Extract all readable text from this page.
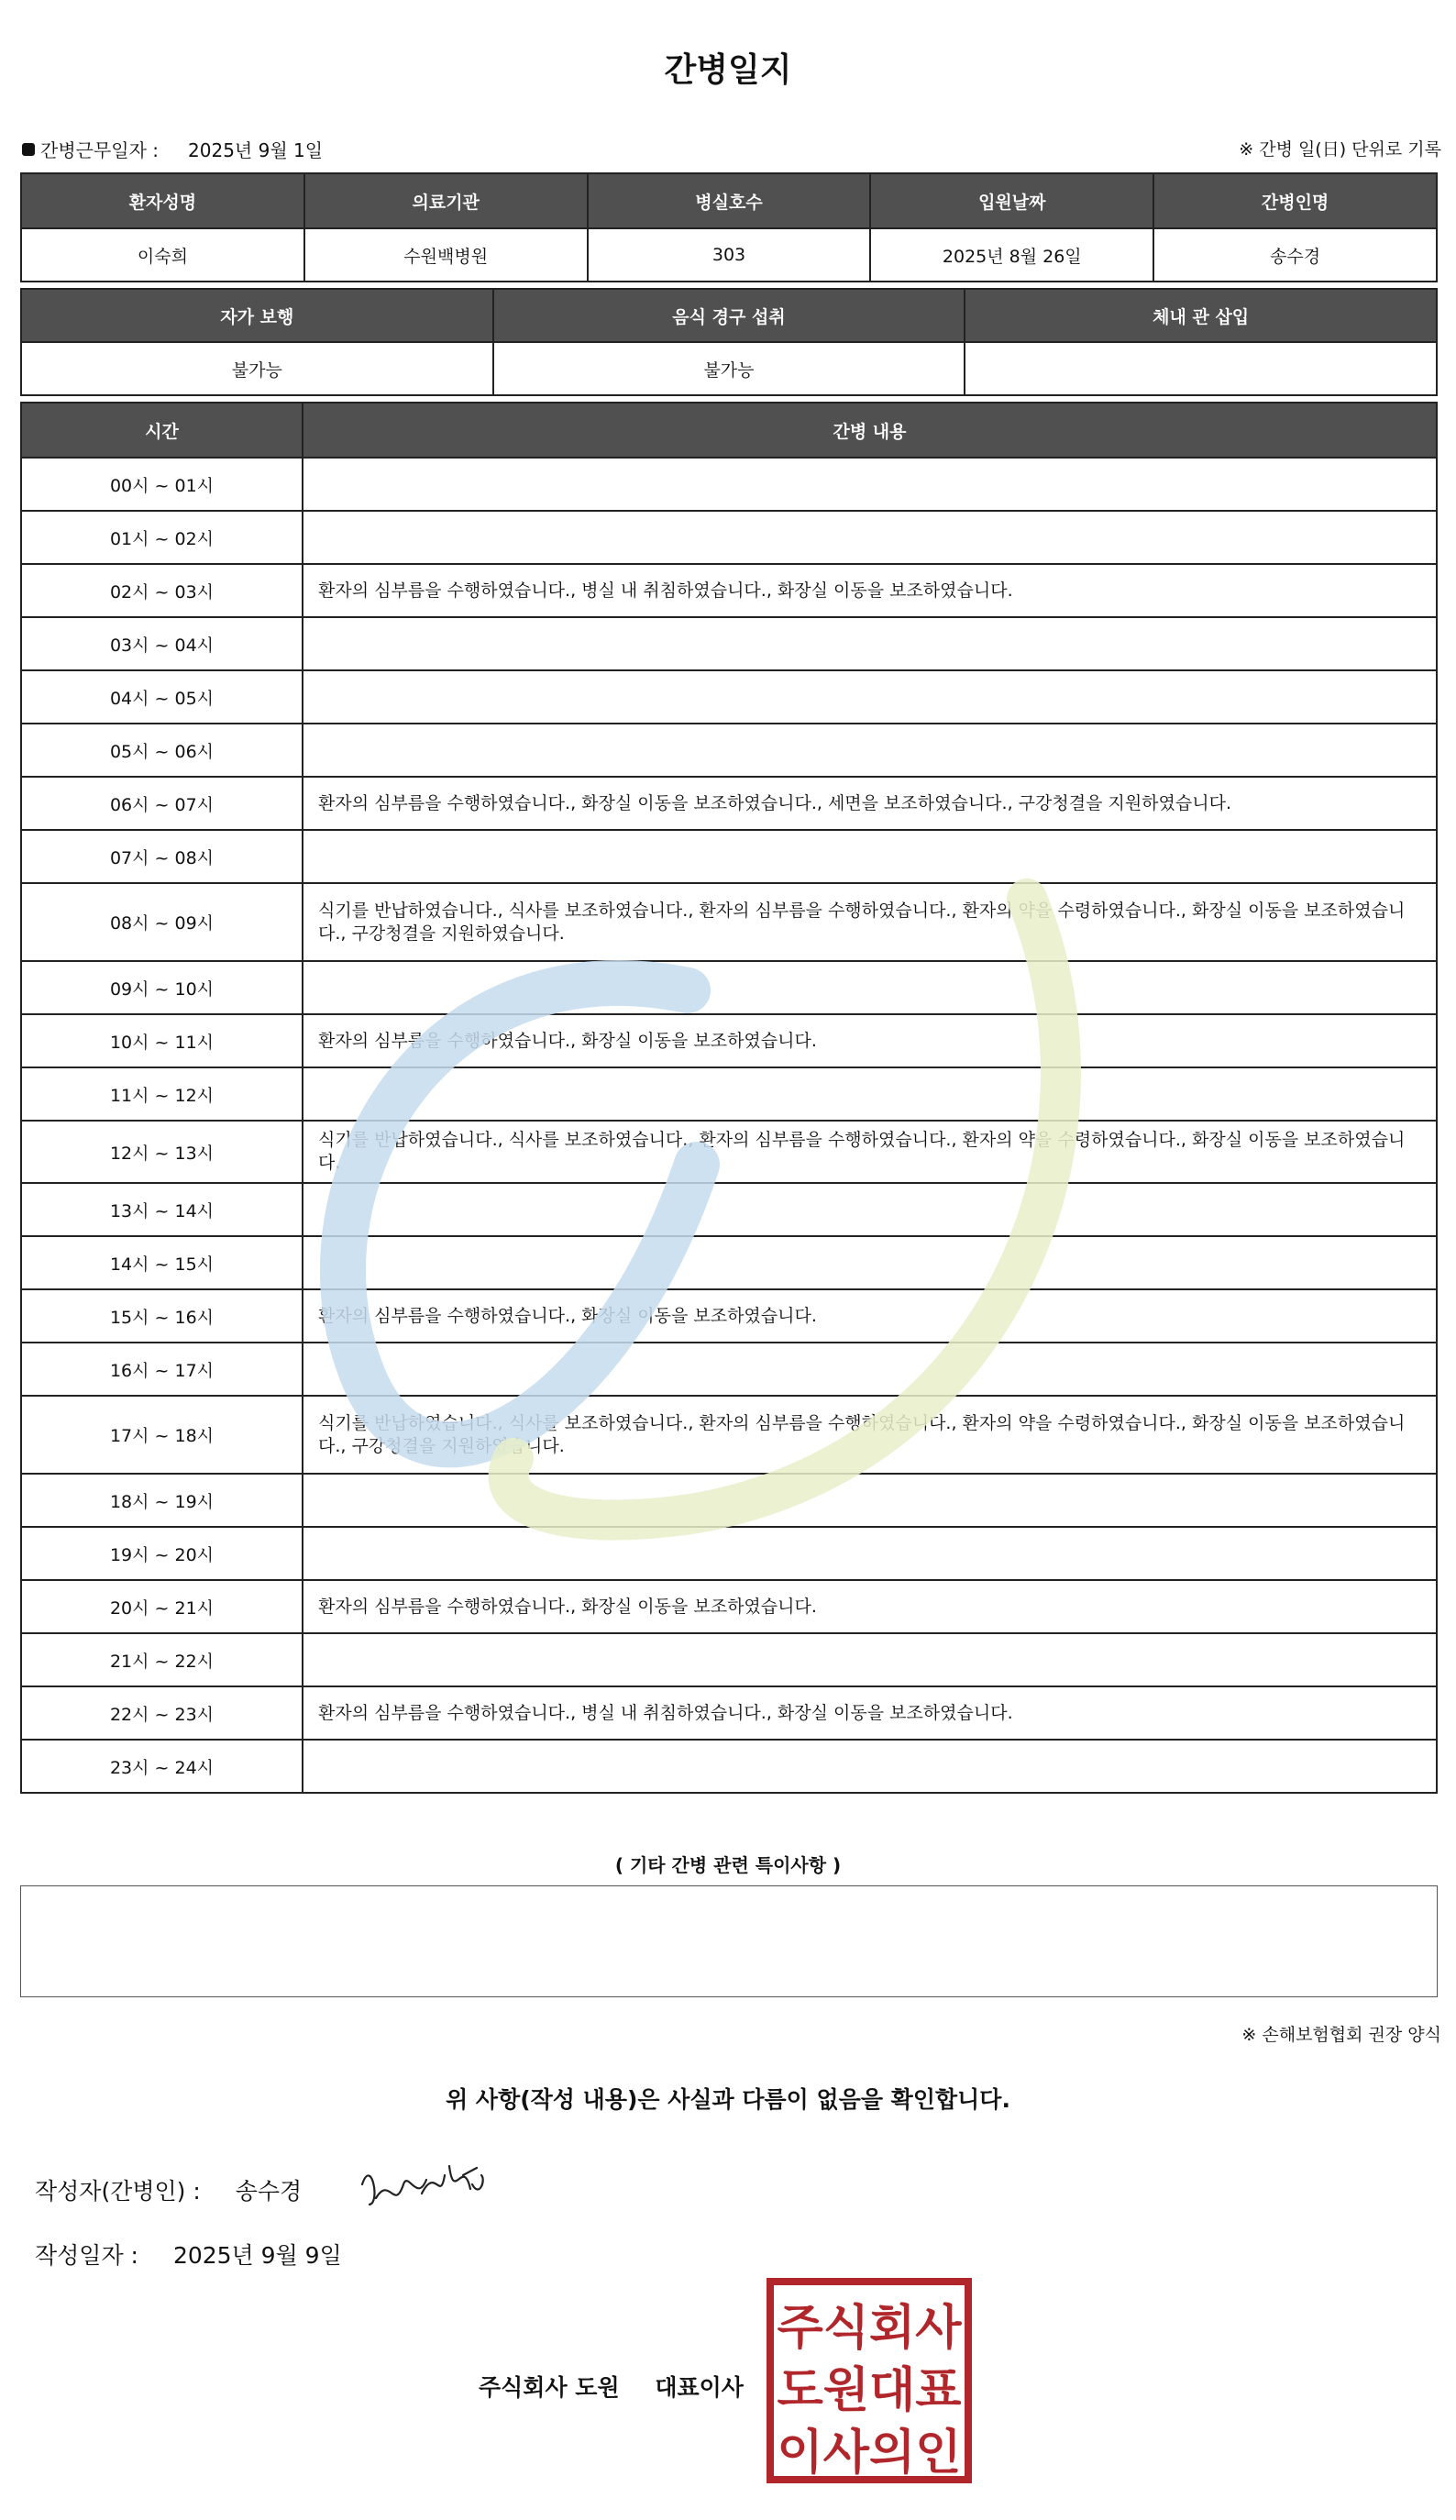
간병일지
간병근무일자 : 2025년 9월 1일	※ 간병 일(日) 단위로 기록
환자성명	의료기관	병실호수	입원날짜	간병인명
이숙희	수원백병원	303	2025년 8월 26일	송수경
자가 보행	음식 경구 섭취	체내 관 삽입
불가능	불가능	
시간	간병 내용
00시 ~ 01시	
01시 ~ 02시	
02시 ~ 03시	환자의 심부름을 수행하였습니다., 병실 내 취침하였습니다., 화장실 이동을 보조하였습니다.
03시 ~ 04시	
04시 ~ 05시	
05시 ~ 06시	
06시 ~ 07시	환자의 심부름을 수행하였습니다., 화장실 이동을 보조하였습니다., 세면을 보조하였습니다., 구강청결을 지원하였습니다.
07시 ~ 08시	
08시 ~ 09시	식기를 반납하였습니다., 식사를 보조하였습니다., 환자의 심부름을 수행하였습니다., 환자의 약을 수령하였습니다., 화장실 이동을 보조하였습니다., 구강청결을 지원하였습니다.
09시 ~ 10시	
10시 ~ 11시	환자의 심부름을 수행하였습니다., 화장실 이동을 보조하였습니다.
11시 ~ 12시	
12시 ~ 13시	식기를 반납하였습니다., 식사를 보조하였습니다., 환자의 심부름을 수행하였습니다., 환자의 약을 수령하였습니다., 화장실 이동을 보조하였습니다.
13시 ~ 14시	
14시 ~ 15시	
15시 ~ 16시	환자의 심부름을 수행하였습니다., 화장실 이동을 보조하였습니다.
16시 ~ 17시	
17시 ~ 18시	식기를 반납하였습니다., 식사를 보조하였습니다., 환자의 심부름을 수행하였습니다., 환자의 약을 수령하였습니다., 화장실 이동을 보조하였습니다., 구강청결을 지원하였습니다.
18시 ~ 19시	
19시 ~ 20시	
20시 ~ 21시	환자의 심부름을 수행하였습니다., 화장실 이동을 보조하였습니다.
21시 ~ 22시	
22시 ~ 23시	환자의 심부름을 수행하였습니다., 병실 내 취침하였습니다., 화장실 이동을 보조하였습니다.
23시 ~ 24시	
( 기타 간병 관련 특이사항 )
※ 손해보험협회 권장 양식
위 사항(작성 내용)은 사실과 다름이 없음을 확인합니다.
작성자(간병인) : 송수경
작성일자 : 2025년 9월 9일
주식회사 도원 대표이사
주식회사
도원대표
이사의인
